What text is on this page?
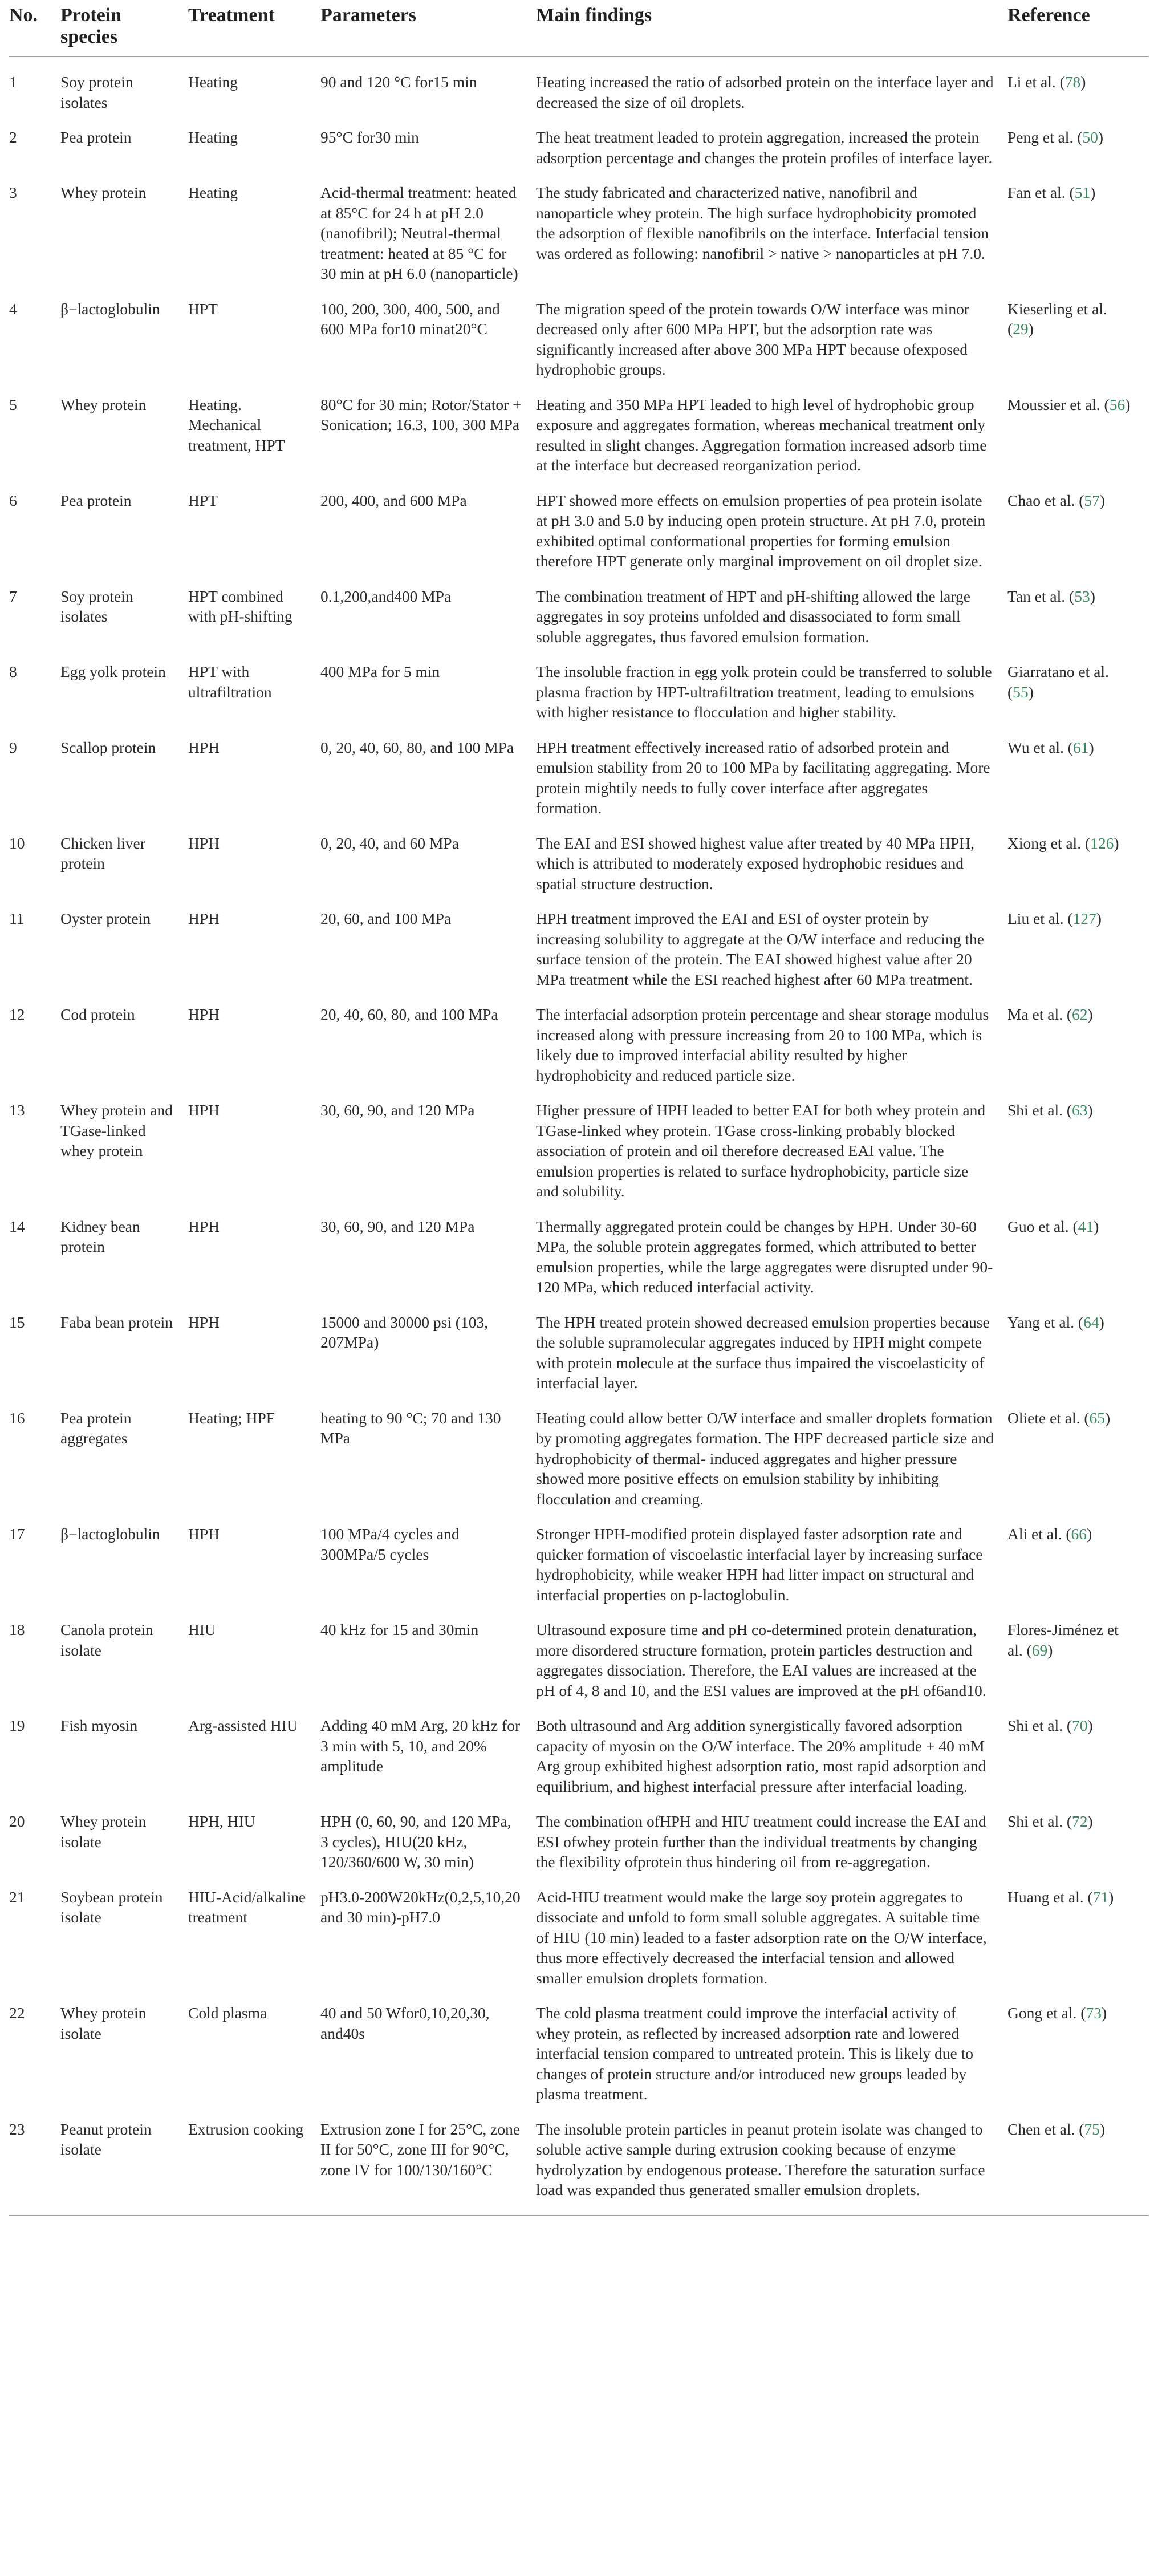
No.	Protein species	Treatment	Parameters	Main findings	Reference

1	Soy protein isolates	Heating	90 and 120 °C for15 min	Heating increased the ratio of adsorbed protein on the interface layer and decreased the size of oil droplets.	Li et al. (78)

2	Pea protein	Heating	95°C for30 min	The heat treatment leaded to protein aggregation, increased the protein adsorption percentage and changes the protein profiles of interface layer.	Peng et al. (50)

3	Whey protein	Heating	Acid-thermal treatment: heated at 85°C for 24 h at pH 2.0 (nanofibril); Neutral-thermal treatment: heated at 85 °C for 30 min at pH 6.0 (nanoparticle)	The study fabricated and characterized native, nanofibril and nanoparticle whey protein. The high surface hydrophobicity promoted the adsorption of flexible nanofibrils on the interface. Interfacial tension was ordered as following: nanofibril > native > nanoparticles at pH 7.0.	Fan et al. (51)

4	β−lactoglobulin	HPT	100, 200, 300, 400, 500, and 600 MPa for10 minat20°C	The migration speed of the protein towards O/W interface was minor decreased only after 600 MPa HPT, but the adsorption rate was significantly increased after above 300 MPa HPT because ofexposed hydrophobic groups.	Kieserling et al. (29)

5	Whey protein	Heating. Mechanical treatment, HPT	80°C for 30 min; Rotor/Stator + Sonication; 16.3, 100, 300 MPa	Heating and 350 MPa HPT leaded to high level of hydrophobic group exposure and aggregates formation, whereas mechanical treatment only resulted in slight changes. Aggregation formation increased adsorb time at the interface but decreased reorganization period.	Moussier et al. (56)

6	Pea protein	HPT	200, 400, and 600 MPa	HPT showed more effects on emulsion properties of pea protein isolate at pH 3.0 and 5.0 by inducing open protein structure. At pH 7.0, protein exhibited optimal conformational properties for forming emulsion therefore HPT generate only marginal improvement on oil droplet size.	Chao et al. (57)

7	Soy protein isolates	HPT combined with pH-shifting	0.1,200,and400 MPa	The combination treatment of HPT and pH-shifting allowed the large aggregates in soy proteins unfolded and disassociated to form small soluble aggregates, thus favored emulsion formation.	Tan et al. (53)

8	Egg yolk protein	HPT with ultrafiltration	400 MPa for 5 min	The insoluble fraction in egg yolk protein could be transferred to soluble plasma fraction by HPT-ultrafiltration treatment, leading to emulsions with higher resistance to flocculation and higher stability.	Giarratano et al. (55)

9	Scallop protein	HPH	0, 20, 40, 60, 80, and 100 MPa	HPH treatment effectively increased ratio of adsorbed protein and emulsion stability from 20 to 100 MPa by facilitating aggregating. More protein mightily needs to fully cover interface after aggregates formation.	Wu et al. (61)

10	Chicken liver protein	HPH	0, 20, 40, and 60 MPa	The EAI and ESI showed highest value after treated by 40 MPa HPH, which is attributed to moderately exposed hydrophobic residues and spatial structure destruction.	Xiong et al. (126)

11	Oyster protein	HPH	20, 60, and 100 MPa	HPH treatment improved the EAI and ESI of oyster protein by increasing solubility to aggregate at the O/W interface and reducing the surface tension of the protein. The EAI showed highest value after 20 MPa treatment while the ESI reached highest after 60 MPa treatment.	Liu et al. (127)

12	Cod protein	HPH	20, 40, 60, 80, and 100 MPa	The interfacial adsorption protein percentage and shear storage modulus increased along with pressure increasing from 20 to 100 MPa, which is likely due to improved interfacial ability resulted by higher hydrophobicity and reduced particle size.	Ma et al. (62)

13	Whey protein and TGase-linked whey protein	HPH	30, 60, 90, and 120 MPa	Higher pressure of HPH leaded to better EAI for both whey protein and TGase-linked whey protein. TGase cross-linking probably blocked association of protein and oil therefore decreased EAI value. The emulsion properties is related to surface hydrophobicity, particle size and solubility.	Shi et al. (63)

14	Kidney bean protein	HPH	30, 60, 90, and 120 MPa	Thermally aggregated protein could be changes by HPH. Under 30-60 MPa, the soluble protein aggregates formed, which attributed to better emulsion properties, while the large aggregates were disrupted under 90-120 MPa, which reduced interfacial activity.	Guo et al. (41)

15	Faba bean protein	HPH	15000 and 30000 psi (103, 207MPa)	The HPH treated protein showed decreased emulsion properties because the soluble supramolecular aggregates induced by HPH might compete with protein molecule at the surface thus impaired the viscoelasticity of interfacial layer.	Yang et al. (64)

16	Pea protein aggregates	Heating; HPF	heating to 90 °C; 70 and 130 MPa	Heating could allow better O/W interface and smaller droplets formation by promoting aggregates formation. The HPF decreased particle size and hydrophobicity of thermal- induced aggregates and higher pressure showed more positive effects on emulsion stability by inhibiting flocculation and creaming.	Oliete et al. (65)

17	β−lactoglobulin	HPH	100 MPa/4 cycles and 300MPa/5 cycles	Stronger HPH-modified protein displayed faster adsorption rate and quicker formation of viscoelastic interfacial layer by increasing surface hydrophobicity, while weaker HPH had litter impact on structural and interfacial properties on p-lactoglobulin.	Ali et al. (66)

18	Canola protein isolate	HIU	40 kHz for 15 and 30min	Ultrasound exposure time and pH co-determined protein denaturation, more disordered structure formation, protein particles destruction and aggregates dissociation. Therefore, the EAI values are increased at the pH of 4, 8 and 10, and the ESI values are improved at the pH of6and10.	Flores-Jiménez et al. (69)

19	Fish myosin	Arg-assisted HIU	Adding 40 mM Arg, 20 kHz for 3 min with 5, 10, and 20% amplitude	Both ultrasound and Arg addition synergistically favored adsorption capacity of myosin on the O/W interface. The 20% amplitude + 40 mM Arg group exhibited highest adsorption ratio, most rapid adsorption and equilibrium, and highest interfacial pressure after interfacial loading.	Shi et al. (70)

20	Whey protein isolate	HPH, HIU	HPH (0, 60, 90, and 120 MPa, 3 cycles), HIU(20 kHz, 120/360/600 W, 30 min)	The combination ofHPH and HIU treatment could increase the EAI and ESI ofwhey protein further than the individual treatments by changing the flexibility ofprotein thus hindering oil from re-aggregation.	Shi et al. (72)

21	Soybean protein isolate	HIU-Acid/alkaline treatment	pH3.0-200W20kHz(0,2,5,10,20 and 30 min)-pH7.0	Acid-HIU treatment would make the large soy protein aggregates to dissociate and unfold to form small soluble aggregates. A suitable time of HIU (10 min) leaded to a faster adsorption rate on the O/W interface, thus more effectively decreased the interfacial tension and allowed smaller emulsion droplets formation.	Huang et al. (71)

22	Whey protein isolate	Cold plasma	40 and 50 Wfor0,10,20,30, and40s	The cold plasma treatment could improve the interfacial activity of whey protein, as reflected by increased adsorption rate and lowered interfacial tension compared to untreated protein. This is likely due to changes of protein structure and/or introduced new groups leaded by plasma treatment.	Gong et al. (73)

23	Peanut protein isolate	Extrusion cooking	Extrusion zone I for 25°C, zone II for 50°C, zone III for 90°C, zone IV for 100/130/160°C	The insoluble protein particles in peanut protein isolate was changed to soluble active sample during extrusion cooking because of enzyme hydrolyzation by endogenous protease. Therefore the saturation surface load was expanded thus generated smaller emulsion droplets.	Chen et al. (75)
